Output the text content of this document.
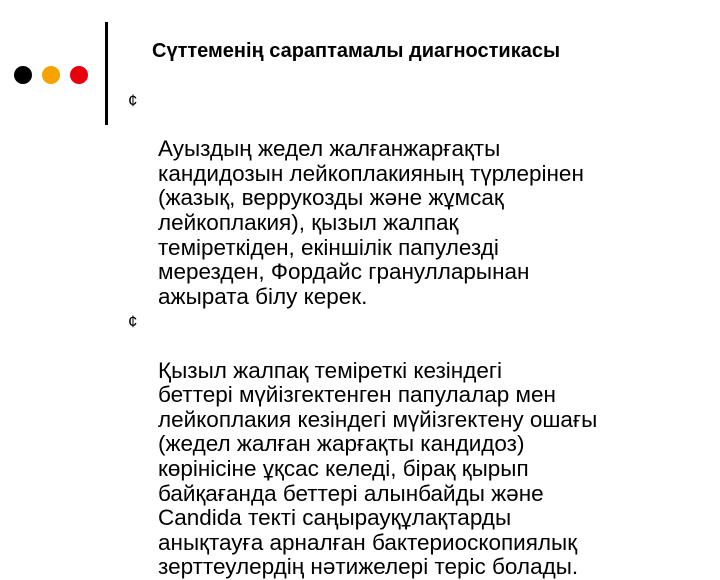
Сүттеменің сараптамалы диагностикасы

¢

Ауыздың жедел жалғанжарғақты
кандидозын лейкоплакияның түрлерінен
(жазық, веррукозды және жұмсақ
лейкоплакия), қызыл жалпақ
теміреткіден, екіншілік папулезді
мерезден, Фордайс гранулларынан
ажырата білу керек.

¢

Қызыл жалпақ теміреткі кезіндегі
беттері мүйізгектенген папулалар мен
лейкоплакия кезіндегі мүйізгектену ошағы
(жедел жалған жарғақты кандидоз)
көрінісіне ұқсас келеді, бірақ қырып
байқағанда беттері алынбайды және
Candida текті саңырауқұлақтарды
анықтауға арналған бактериоскопиялық
зерттеулердің нәтижелері теріс болады.
